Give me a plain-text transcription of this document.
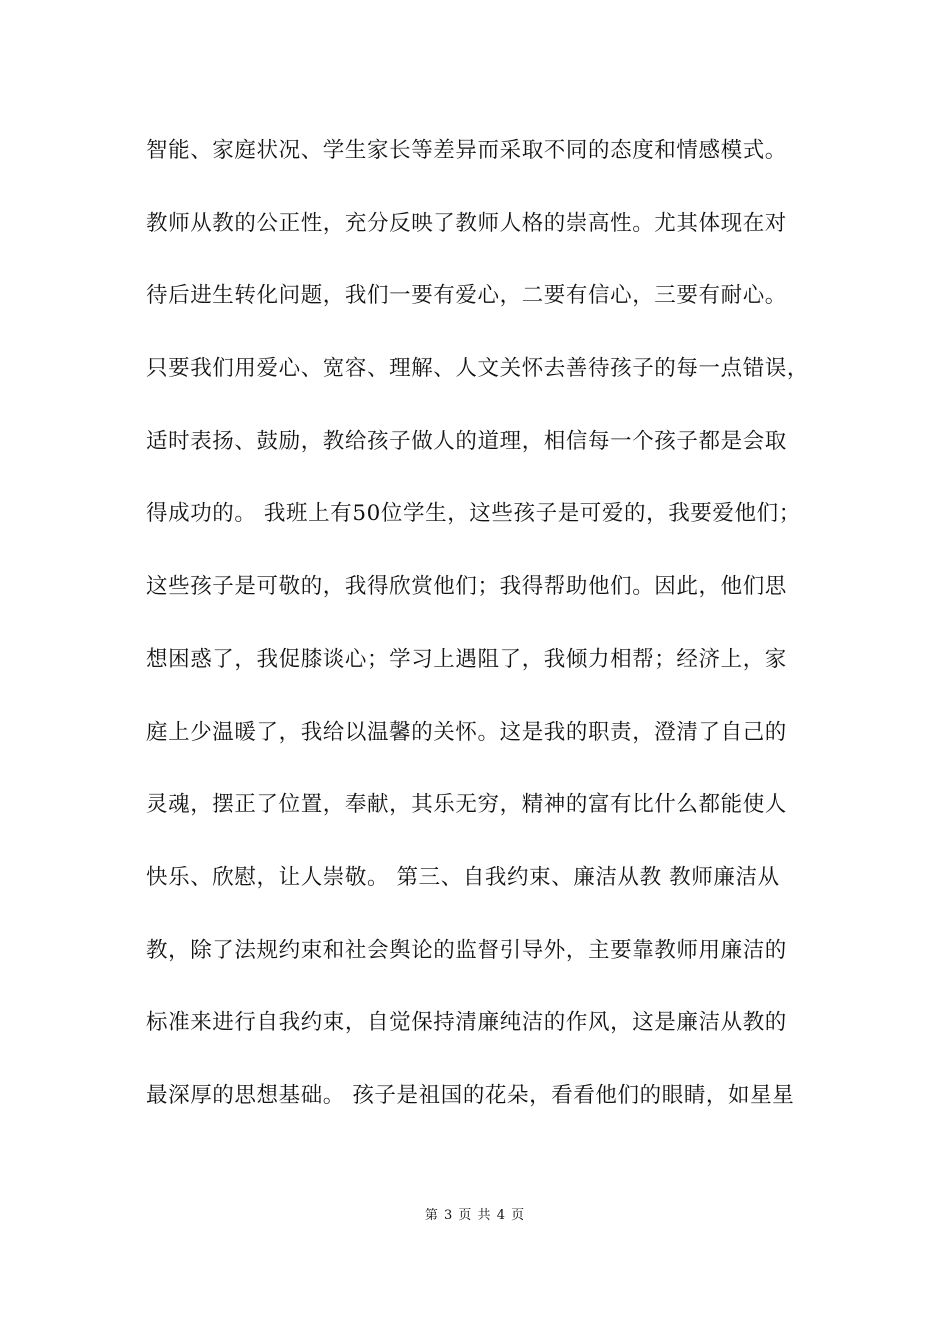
智能、家庭状况、学生家长等差异而采取不同的态度和情感模式。
教师从教的公正性，充分反映了教师人格的崇高性。尤其体现在对
待后进生转化问题，我们一要有爱心，二要有信心，三要有耐心。
只要我们用爱心、宽容、理解、人文关怀去善待孩子的每一点错误，
适时表扬、鼓励，教给孩子做人的道理，相信每一个孩子都是会取
得成功的。 我班上有50位学生，这些孩子是可爱的，我要爱他们；
这些孩子是可敬的，我得欣赏他们；我得帮助他们。因此，他们思
想困惑了，我促膝谈心；学习上遇阻了，我倾力相帮；经济上，家
庭上少温暖了，我给以温馨的关怀。这是我的职责，澄清了自己的
灵魂，摆正了位置，奉献，其乐无穷，精神的富有比什么都能使人
快乐、欣慰，让人崇敬。 第三、自我约束、廉洁从教 教师廉洁从
教，除了法规约束和社会舆论的监督引导外，主要靠教师用廉洁的
标准来进行自我约束，自觉保持清廉纯洁的作风，这是廉洁从教的
最深厚的思想基础。 孩子是祖国的花朵，看看他们的眼睛，如星星
第 3 页 共 4 页
